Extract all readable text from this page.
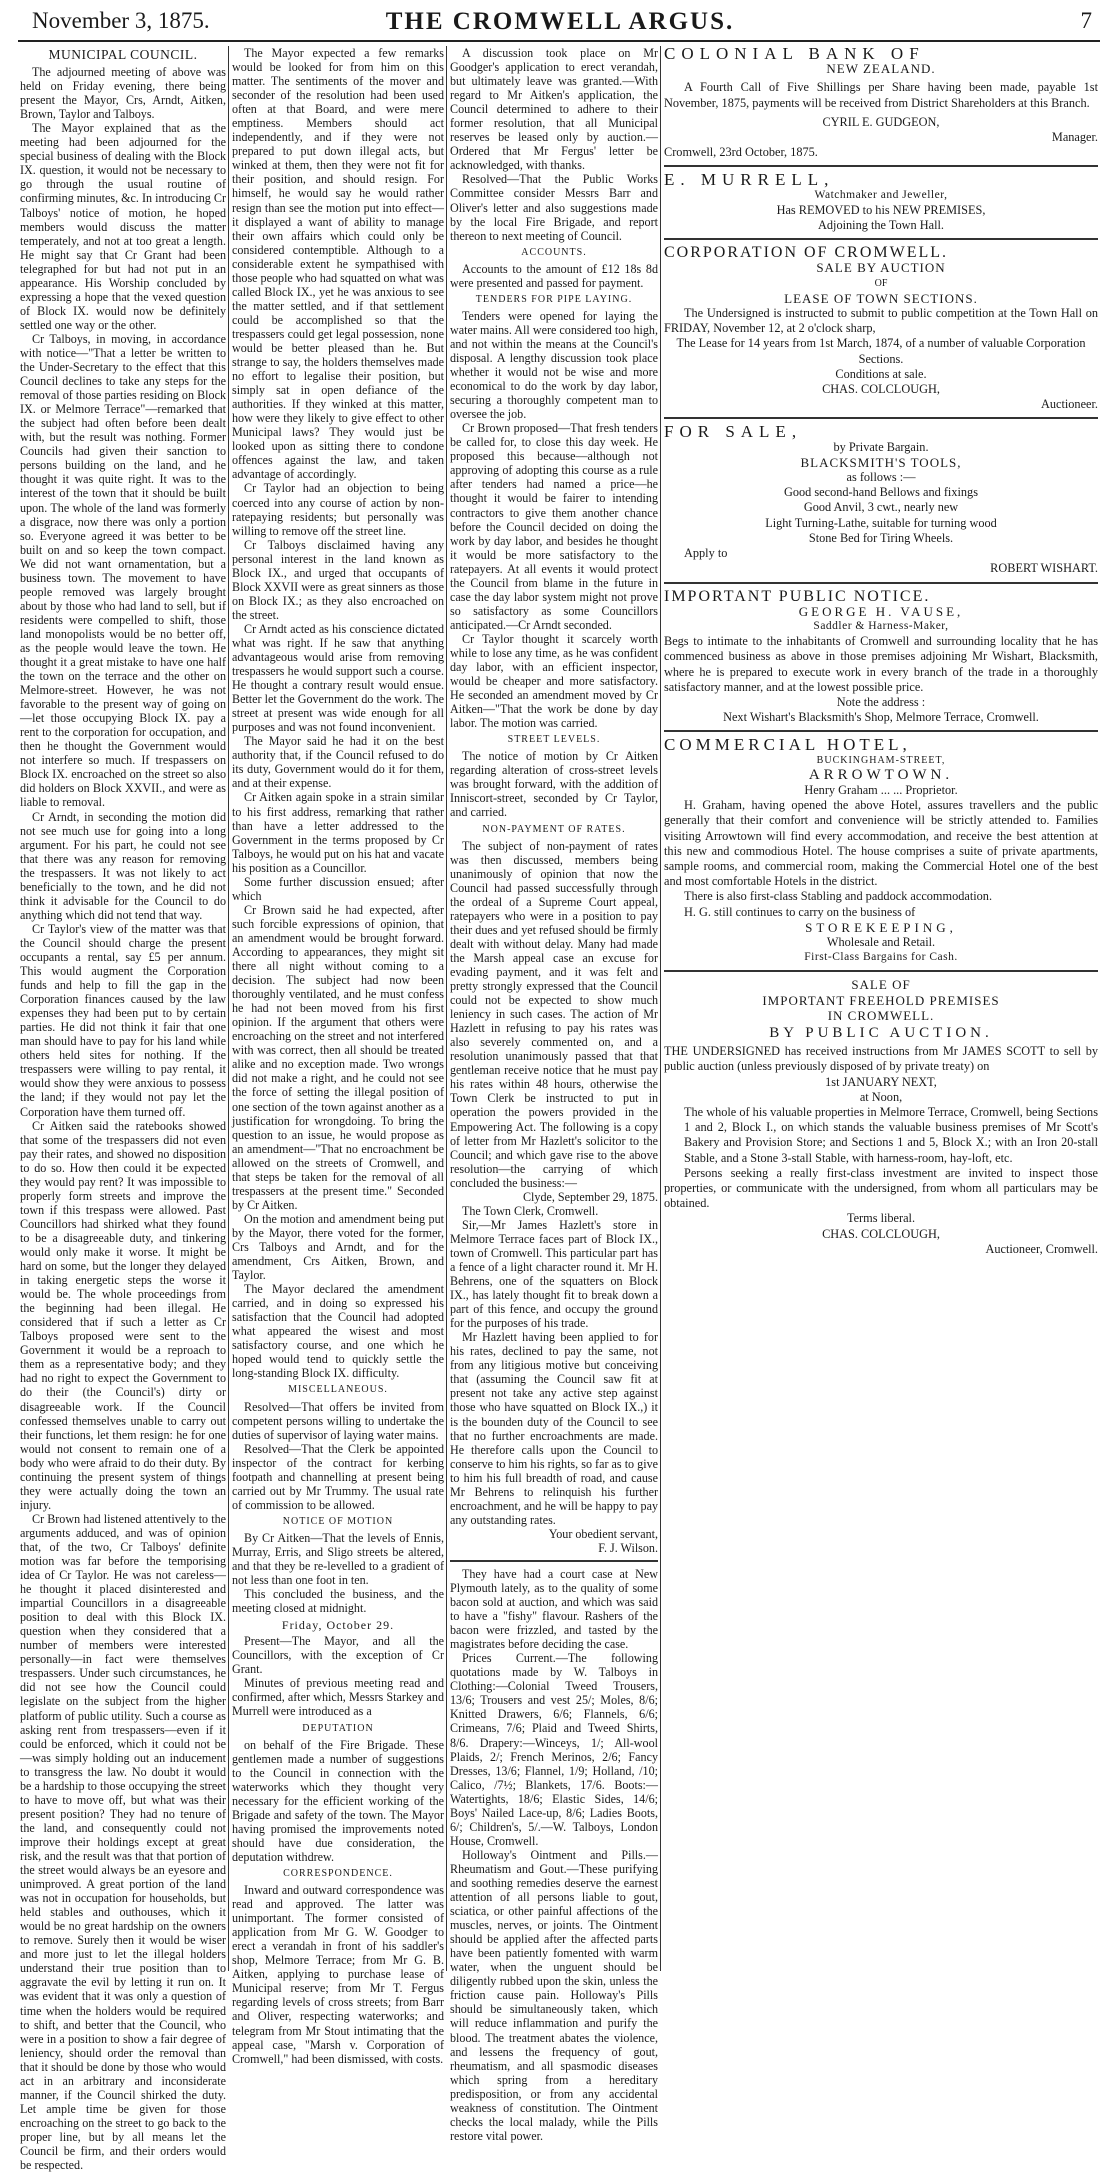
November 3, 1875.	THE CROMWELL ARGUS.	7
MUNICIPAL COUNCIL.

The adjourned meeting of above was held on Friday evening, there being present the Mayor, Crs, Arndt, Aitken, Brown, Taylor and Talboys.

The Mayor explained that as the meeting had been adjourned for the special business of dealing with the Block IX. question, it would not be necessary to go through the usual routine of confirming minutes, &c. In introducing Cr Talboys' notice of motion, he hoped members would discuss the matter temperately, and not at too great a length. He might say that Cr Grant had been telegraphed for but had not put in an appearance. His Worship concluded by expressing a hope that the vexed question of Block IX. would now be definitely settled one way or the other.

Cr Talboys, in moving, in accordance with notice—"That a letter be written to the Under-Secretary to the effect that this Council declines to take any steps for the removal of those parties residing on Block IX. or Melmore Terrace"—remarked that the subject had often before been dealt with, but the result was nothing. Former Councils had given their sanction to persons building on the land, and he thought it was quite right. It was to the interest of the town that it should be built upon. The whole of the land was formerly a disgrace, now there was only a portion so. Everyone agreed it was better to be built on and so keep the town compact. We did not want ornamentation, but a business town. The movement to have people removed was largely brought about by those who had land to sell, but if residents were compelled to shift, those land monopolists would be no better off, as the people would leave the town. He thought it a great mistake to have one half the town on the terrace and the other on Melmore-street. However, he was not favorable to the present way of going on—let those occupying Block IX. pay a rent to the corporation for occupation, and then he thought the Government would not interfere so much. If trespassers on Block IX. encroached on the street so also did holders on Block XXVII., and were as liable to removal.

Cr Arndt, in seconding the motion did not see much use for going into a long argument. For his part, he could not see that there was any reason for removing the trespassers. It was not likely to act beneficially to the town, and he did not think it advisable for the Council to do anything which did not tend that way.

Cr Taylor's view of the matter was that the Council should charge the present occupants a rental, say £5 per annum. This would augment the Corporation funds and help to fill the gap in the Corporation finances caused by the law expenses they had been put to by certain parties. He did not think it fair that one man should have to pay for his land while others held sites for nothing. If the trespassers were willing to pay rental, it would show they were anxious to possess the land; if they would not pay let the Corporation have them turned off.

Cr Aitken said the ratebooks showed that some of the trespassers did not even pay their rates, and showed no disposition to do so. How then could it be expected they would pay rent? It was impossible to properly form streets and improve the town if this trespass were allowed. Past Councillors had shirked what they found to be a disagreeable duty, and tinkering would only make it worse. It might be hard on some, but the longer they delayed in taking energetic steps the worse it would be. The whole proceedings from the beginning had been illegal. He considered that if such a letter as Cr Talboys proposed were sent to the Government it would be a reproach to them as a representative body; and they had no right to expect the Government to do their (the Council's) dirty or disagreeable work. If the Council confessed themselves unable to carry out their functions, let them resign: he for one would not consent to remain one of a body who were afraid to do their duty. By continuing the present system of things they were actually doing the town an injury.

Cr Brown had listened attentively to the arguments adduced, and was of opinion that, of the two, Cr Talboys' definite motion was far before the temporising idea of Cr Taylor. He was not careless—he thought it placed disinterested and impartial Councillors in a disagreeable position to deal with this Block IX. question when they considered that a number of members were interested personally—in fact were themselves trespassers. Under such circumstances, he did not see how the Council could legislate on the subject from the higher platform of public utility. Such a course as asking rent from trespassers—even if it could be enforced, which it could not be—was simply holding out an inducement to transgress the law. No doubt it would be a hardship to those occupying the street to have to move off, but what was their present position? They had no tenure of the land, and consequently could not improve their holdings except at great risk, and the result was that that portion of the street would always be an eyesore and unimproved. A great portion of the land was not in occupation for households, but held stables and outhouses, which it would be no great hardship on the owners to remove. Surely then it would be wiser and more just to let the illegal holders understand their true position than to aggravate the evil by letting it run on. It was evident that it was only a question of time when the holders would be required to shift, and better that the Council, who were in a position to show a fair degree of leniency, should order the removal than that it should be done by those who would act in an arbitrary and inconsiderate manner, if the Council shirked the duty. Let ample time be given for those encroaching on the street to go back to the proper line, but by all means let the Council be firm, and their orders would be respected.

The Mayor expected a few remarks would be looked for from him on this matter. The sentiments of the mover and seconder of the resolution had been used often at that Board, and were mere emptiness. Members should act independently, and if they were not prepared to put down illegal acts, but winked at them, then they were not fit for their position, and should resign. For himself, he would say he would rather resign than see the motion put into effect—it displayed a want of ability to manage their own affairs which could only be considered contemptible. Although to a considerable extent he sympathised with those people who had squatted on what was called Block IX., yet he was anxious to see the matter settled, and if that settlement could be accomplished so that the trespassers could get legal possession, none would be better pleased than he. But strange to say, the holders themselves made no effort to legalise their position, but simply sat in open defiance of the authorities. If they winked at this matter, how were they likely to give effect to other Municipal laws? They would just be looked upon as sitting there to condone offences against the law, and taken advantage of accordingly.

Cr Taylor had an objection to being coerced into any course of action by non-ratepaying residents; but personally was willing to remove off the street line.

Cr Talboys disclaimed having any personal interest in the land known as Block IX., and urged that occupants of Block XXVII were as great sinners as those on Block IX.; as they also encroached on the street.

Cr Arndt acted as his conscience dictated what was right. If he saw that anything advantageous would arise from removing trespassers he would support such a course. He thought a contrary result would ensue. Better let the Government do the work. The street at present was wide enough for all purposes and was not found inconvenient.

The Mayor said he had it on the best authority that, if the Council refused to do its duty, Government would do it for them, and at their expense.

Cr Aitken again spoke in a strain similar to his first address, remarking that rather than have a letter addressed to the Government in the terms proposed by Cr Talboys, he would put on his hat and vacate his position as a Councillor.

Some further discussion ensued; after which

Cr Brown said he had expected, after such forcible expressions of opinion, that an amendment would be brought forward. According to appearances, they might sit there all night without coming to a decision. The subject had now been thoroughly ventilated, and he must confess he had not been moved from his first opinion. If the argument that others were encroaching on the street and not interfered with was correct, then all should be treated alike and no exception made. Two wrongs did not make a right, and he could not see the force of setting the illegal position of one section of the town against another as a justification for wrongdoing. To bring the question to an issue, he would propose as an amendment—"That no encroachment be allowed on the streets of Cromwell, and that steps be taken for the removal of all trespassers at the present time." Seconded by Cr Aitken.

On the motion and amendment being put by the Mayor, there voted for the former, Crs Talboys and Arndt, and for the amendment, Crs Aitken, Brown, and Taylor.

The Mayor declared the amendment carried, and in doing so expressed his satisfaction that the Council had adopted what appeared the wisest and most satisfactory course, and one which he hoped would tend to quickly settle the long-standing Block IX. difficulty.

MISCELLANEOUS.

Resolved—That offers be invited from competent persons willing to undertake the duties of supervisor of laying water mains.

Resolved—That the Clerk be appointed inspector of the contract for kerbing footpath and channelling at present being carried out by Mr Trummy. The usual rate of commission to be allowed.

NOTICE OF MOTION

By Cr Aitken—That the levels of Ennis, Murray, Erris, and Sligo streets be altered, and that they be re-levelled to a gradient of not less than one foot in ten.

This concluded the business, and the meeting closed at midnight.

Friday, October 29.

Present—The Mayor, and all the Councillors, with the exception of Cr Grant.

Minutes of previous meeting read and confirmed, after which, Messrs Starkey and Murrell were introduced as a

DEPUTATION

on behalf of the Fire Brigade. These gentlemen made a number of suggestions to the Council in connection with the waterworks which they thought very necessary for the efficient working of the Brigade and safety of the town. The Mayor having promised the improvements noted should have due consideration, the deputation withdrew.

CORRESPONDENCE.

Inward and outward correspondence was read and approved. The latter was unimportant. The former consisted of application from Mr G. W. Goodger to erect a verandah in front of his saddler's shop, Melmore Terrace; from Mr G. B. Aitken, applying to purchase lease of Municipal reserve; from Mr T. Fergus regarding levels of cross streets; from Barr and Oliver, respecting waterworks; and telegram from Mr Stout intimating that the appeal case, "Marsh v. Corporation of Cromwell," had been dismissed, with costs.

A discussion took place on Mr Goodger's application to erect verandah, but ultimately leave was granted.—With regard to Mr Aitken's application, the Council determined to adhere to their former resolution, that all Municipal reserves be leased only by auction.—Ordered that Mr Fergus' letter be acknowledged, with thanks.

Resolved—That the Public Works Committee consider Messrs Barr and Oliver's letter and also suggestions made by the local Fire Brigade, and report thereon to next meeting of Council.

ACCOUNTS.

Accounts to the amount of £12 18s 8d were presented and passed for payment.

TENDERS FOR PIPE LAYING.

Tenders were opened for laying the water mains. All were considered too high, and not within the means at the Council's disposal. A lengthy discussion took place whether it would not be wise and more economical to do the work by day labor, securing a thoroughly competent man to oversee the job.

Cr Brown proposed—That fresh tenders be called for, to close this day week. He proposed this because—although not approving of adopting this course as a rule after tenders had named a price—he thought it would be fairer to intending contractors to give them another chance before the Council decided on doing the work by day labor, and besides he thought it would be more satisfactory to the ratepayers. At all events it would protect the Council from blame in the future in case the day labor system might not prove so satisfactory as some Councillors anticipated.—Cr Arndt seconded.

Cr Taylor thought it scarcely worth while to lose any time, as he was confident day labor, with an efficient inspector, would be cheaper and more satisfactory. He seconded an amendment moved by Cr Aitken—"That the work be done by day labor. The motion was carried.

STREET LEVELS.

The notice of motion by Cr Aitken regarding alteration of cross-street levels was brought forward, with the addition of Inniscort-street, seconded by Cr Taylor, and carried.

NON-PAYMENT OF RATES.

The subject of non-payment of rates was then discussed, members being unanimously of opinion that now the Council had passed successfully through the ordeal of a Supreme Court appeal, ratepayers who were in a position to pay their dues and yet refused should be firmly dealt with without delay. Many had made the Marsh appeal case an excuse for evading payment, and it was felt and pretty strongly expressed that the Council could not be expected to show much leniency in such cases. The action of Mr Hazlett in refusing to pay his rates was also severely commented on, and a resolution unanimously passed that that gentleman receive notice that he must pay his rates within 48 hours, otherwise the Town Clerk be instructed to put in operation the powers provided in the Empowering Act. The following is a copy of letter from Mr Hazlett's solicitor to the Council; and which gave rise to the above resolution—the carrying of which concluded the business:—

Clyde, September 29, 1875.

The Town Clerk, Cromwell.

Sir,—Mr James Hazlett's store in Melmore Terrace faces part of Block IX., town of Cromwell. This particular part has a fence of a light character round it. Mr H. Behrens, one of the squatters on Block IX., has lately thought fit to break down a part of this fence, and occupy the ground for the purposes of his trade.

Mr Hazlett having been applied to for his rates, declined to pay the same, not from any litigious motive but conceiving that (assuming the Council saw fit at present not take any active step against those who have squatted on Block IX.,) it is the bounden duty of the Council to see that no further encroachments are made. He therefore calls upon the Council to conserve to him his rights, so far as to give to him his full breadth of road, and cause Mr Behrens to relinquish his further encroachment, and he will be happy to pay any outstanding rates.

Your obedient servant,

F. J. Wilson.

They have had a court case at New Plymouth lately, as to the quality of some bacon sold at auction, and which was said to have a "fishy" flavour. Rashers of the bacon were frizzled, and tasted by the magistrates before deciding the case.

Prices Current.—The following quotations made by W. Talboys in Clothing:—Colonial Tweed Trousers, 13/6; Trousers and vest 25/; Moles, 8/6; Knitted Drawers, 6/6; Flannels, 6/6; Crimeans, 7/6; Plaid and Tweed Shirts, 8/6. Drapery:—Winceys, 1/; All-wool Plaids, 2/; French Merinos, 2/6; Fancy Dresses, 13/6; Flannel, 1/9; Holland, /10; Calico, /7½; Blankets, 17/6. Boots:—Watertights, 18/6; Elastic Sides, 14/6; Boys' Nailed Lace-up, 8/6; Ladies Boots, 6/; Children's, 5/.—W. Talboys, London House, Cromwell.

Holloway's Ointment and Pills.—Rheumatism and Gout.—These purifying and soothing remedies deserve the earnest attention of all persons liable to gout, sciatica, or other painful affections of the muscles, nerves, or joints. The Ointment should be applied after the affected parts have been patiently fomented with warm water, when the unguent should be diligently rubbed upon the skin, unless the friction cause pain. Holloway's Pills should be simultaneously taken, which will reduce inflammation and purify the blood. The treatment abates the violence, and lessens the frequency of gout, rheumatism, and all spasmodic diseases which spring from a hereditary predisposition, or from any accidental weakness of constitution. The Ointment checks the local malady, while the Pills restore vital power.

COLONIAL BANK OF

NEW ZEALAND.

A Fourth Call of Five Shillings per Share having been made, payable 1st November, 1875, payments will be received from District Shareholders at this Branch.

CYRIL E. GUDGEON,

Manager.

Cromwell, 23rd October, 1875.

E. MURRELL,

Watchmaker and Jeweller,

Has REMOVED to his NEW PREMISES,

Adjoining the Town Hall.

CORPORATION OF CROMWELL.

SALE BY AUCTION

OF

LEASE OF TOWN SECTIONS.

The Undersigned is instructed to submit to public competition at the Town Hall on FRIDAY, November 12, at 2 o'clock sharp,

The Lease for 14 years from 1st March, 1874, of a number of valuable Corporation Sections.

Conditions at sale.

CHAS. COLCLOUGH,

Auctioneer.

FOR SALE,

by Private Bargain.

BLACKSMITH'S TOOLS,

as follows :—

Good second-hand Bellows and fixings

Good Anvil, 3 cwt., nearly new

Light Turning-Lathe, suitable for turning wood

Stone Bed for Tiring Wheels.

Apply to

ROBERT WISHART.

IMPORTANT PUBLIC NOTICE.

GEORGE H. VAUSE,

Saddler & Harness-Maker,

Begs to intimate to the inhabitants of Cromwell and surrounding locality that he has commenced business as above in those premises adjoining Mr Wishart, Blacksmith, where he is prepared to execute work in every branch of the trade in a thoroughly satisfactory manner, and at the lowest possible price.

Note the address :

Next Wishart's Blacksmith's Shop, Melmore Terrace, Cromwell.

COMMERCIAL HOTEL,

BUCKINGHAM-STREET,

ARROWTOWN.

Henry Graham ... ... Proprietor.

H. Graham, having opened the above Hotel, assures travellers and the public generally that their comfort and convenience will be strictly attended to. Families visiting Arrowtown will find every accommodation, and receive the best attention at this new and commodious Hotel. The house comprises a suite of private apartments, sample rooms, and commercial room, making the Commercial Hotel one of the best and most comfortable Hotels in the district.

There is also first-class Stabling and paddock accommodation.

H. G. still continues to carry on the business of

STOREKEEPING,

Wholesale and Retail.

First-Class Bargains for Cash.

SALE OF

IMPORTANT FREEHOLD PREMISES

IN CROMWELL.

BY PUBLIC AUCTION.

THE UNDERSIGNED has received instructions from Mr JAMES SCOTT to sell by public auction (unless previously disposed of by private treaty) on

1st JANUARY NEXT,

at Noon,

The whole of his valuable properties in Melmore Terrace, Cromwell, being Sections 1 and 2, Block I., on which stands the valuable business premises of Mr Scott's Bakery and Provision Store; and Sections 1 and 5, Block X.; with an Iron 20-stall Stable, and a Stone 3-stall Stable, with harness-room, hay-loft, etc.

Persons seeking a really first-class investment are invited to inspect those properties, or communicate with the undersigned, from whom all particulars may be obtained.

Terms liberal.

CHAS. COLCLOUGH,

Auctioneer, Cromwell.
